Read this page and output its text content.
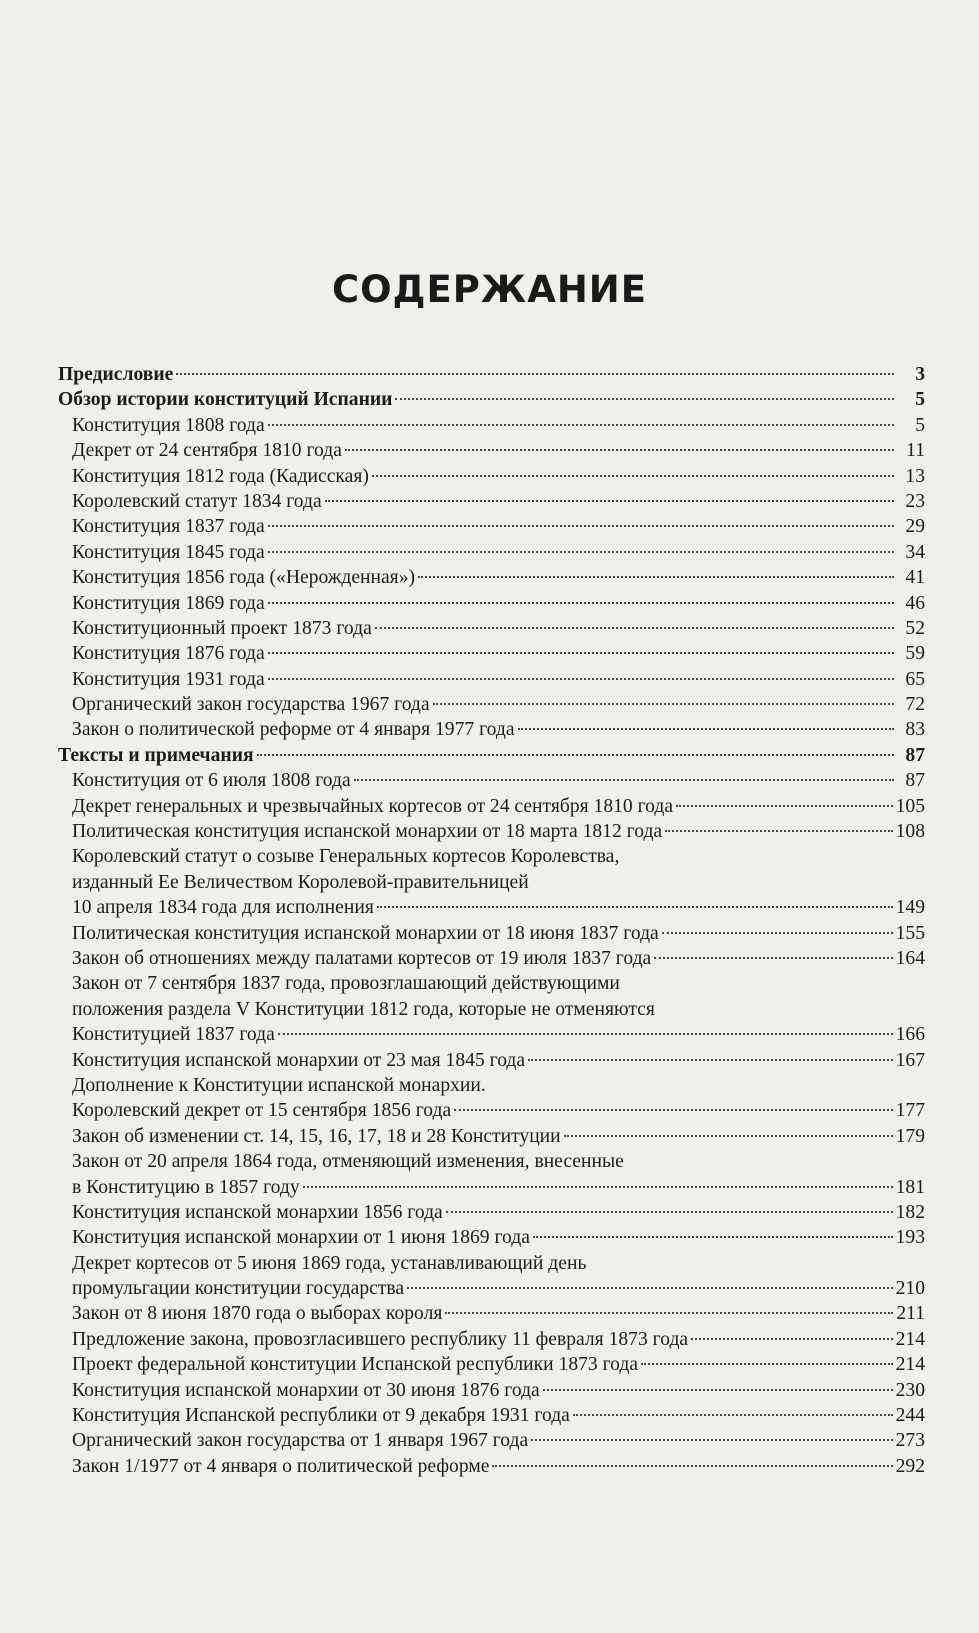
СОДЕРЖАНИЕ
Предисловие	3
Обзор истории конституций Испании	5
Конституция 1808 года	5
Декрет от 24 сентября 1810 года	11
Конституция 1812 года (Кадисская)	13
Королевский статут 1834 года	23
Конституция 1837 года	29
Конституция 1845 года	34
Конституция 1856 года («Нерожденная»)	41
Конституция 1869 года	46
Конституционный проект 1873 года	52
Конституция 1876 года	59
Конституция 1931 года	65
Органический закон государства 1967 года	72
Закон о политической реформе от 4 января 1977 года	83
Тексты и примечания	87
Конституция от 6 июля 1808 года	87
Декрет генеральных и чрезвычайных кортесов от 24 сентября 1810 года	105
Политическая конституция испанской монархии от 18 марта 1812 года	108
Королевский статут о созыве Генеральных кортесов Королевства,
изданный Ее Величеством Королевой-правительницей
10 апреля 1834 года для исполнения	149
Политическая конституция испанской монархии от 18 июня 1837 года	155
Закон об отношениях между палатами кортесов от 19 июля 1837 года	164
Закон от 7 сентября 1837 года, провозглашающий действующими
положения раздела V Конституции 1812 года, которые не отменяются
Конституцией 1837 года	166
Конституция испанской монархии от 23 мая 1845 года	167
Дополнение к Конституции испанской монархии.
Королевский декрет от 15 сентября 1856 года	177
Закон об изменении ст. 14, 15, 16, 17, 18 и 28 Конституции	179
Закон от 20 апреля 1864 года, отменяющий изменения, внесенные
в Конституцию в 1857 году	181
Конституция испанской монархии 1856 года	182
Конституция испанской монархии от 1 июня 1869 года	193
Декрет кортесов от 5 июня 1869 года, устанавливающий день
промульгации конституции государства	210
Закон от 8 июня 1870 года о выборах короля	211
Предложение закона, провозгласившего республику 11 февраля 1873 года	214
Проект федеральной конституции Испанской республики 1873 года	214
Конституция испанской монархии от 30 июня 1876 года	230
Конституция Испанской республики от 9 декабря 1931 года	244
Органический закон государства от 1 января 1967 года	273
Закон 1/1977 от 4 января о политической реформе	292
